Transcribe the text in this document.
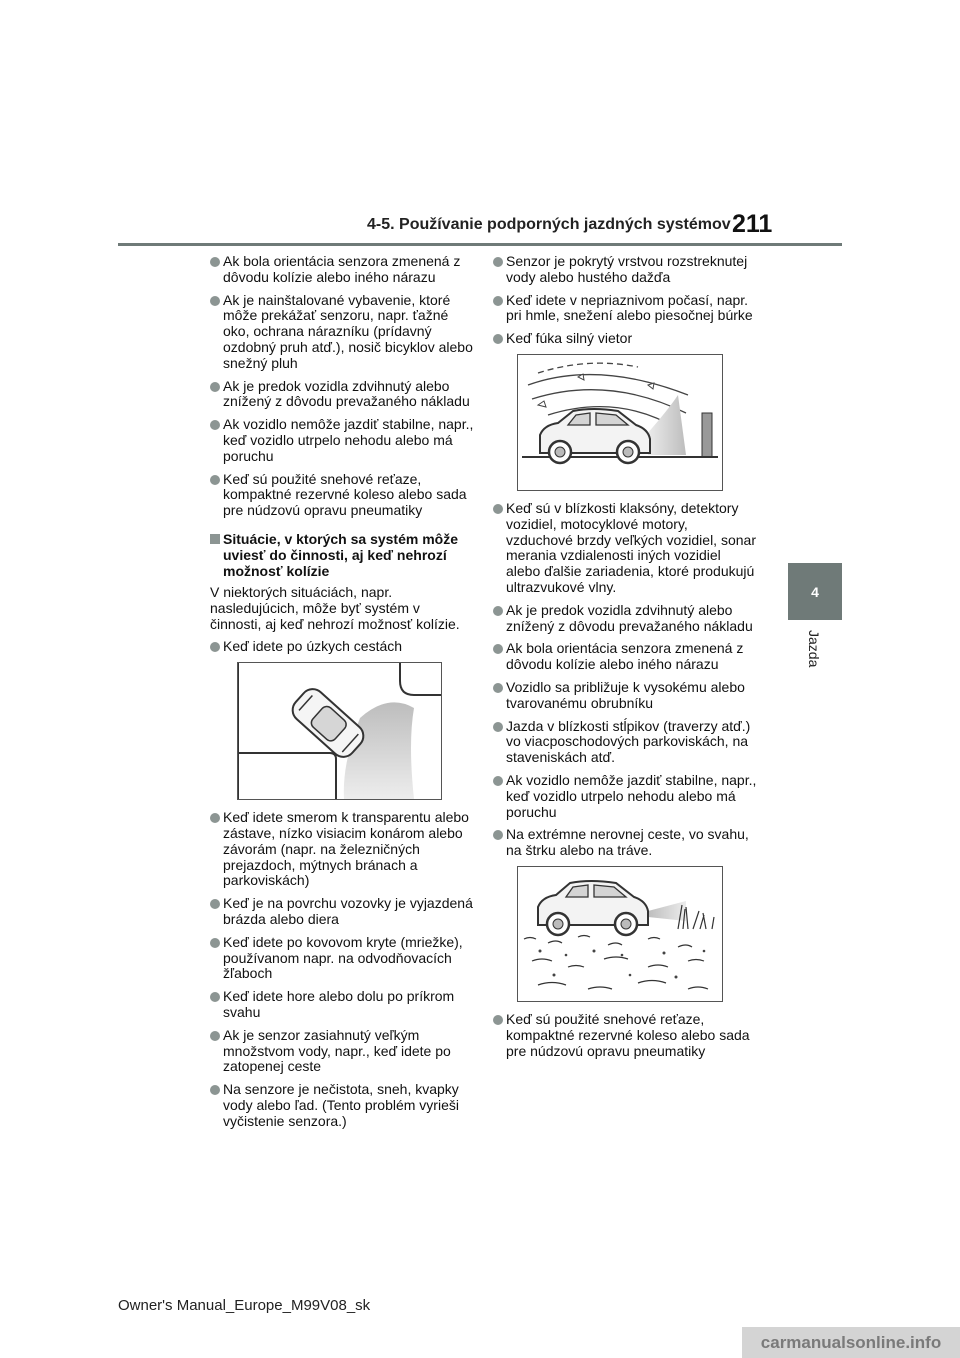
4-5. Používanie podporných jazdných systémov 211
4
Jazda
Ak bola orientácia senzora zmenená z dôvodu kolízie alebo iného nárazu
Ak je nainštalované vybavenie, ktoré môže prekážať senzoru, napr. ťažné oko, ochrana nárazníku (prídavný ozdobný pruh atď.), nosič bicyklov alebo snežný pluh
Ak je predok vozidla zdvihnutý alebo znížený z dôvodu prevažaného nákladu
Ak vozidlo nemôže jazdiť stabilne, napr., keď vozidlo utrpelo nehodu alebo má poruchu
Keď sú použité snehové reťaze, kompaktné rezervné koleso alebo sada pre núdzovú opravu pneumatiky
Situácie, v ktorých sa systém môže uviesť do činnosti, aj keď nehrozí možnosť kolízie
V niektorých situáciách, napr. nasledujúcich, môže byť systém v činnosti, aj keď nehrozí možnosť kolízie.
Keď idete po úzkych cestách
Keď idete smerom k transparentu alebo zástave, nízko visiacim konárom alebo závorám (napr. na železničných prejazdoch, mýtnych bránach a parkoviskách)
Keď je na povrchu vozovky je vyjazdená brázda alebo diera
Keď idete po kovovom kryte (mriežke), používanom napr. na odvodňovacích žľaboch
Keď idete hore alebo dolu po príkrom svahu
Ak je senzor zasiahnutý veľkým množstvom vody, napr., keď idete po zatopenej ceste
Na senzore je nečistota, sneh, kvapky vody alebo ľad. (Tento problém vyrieši vyčistenie senzora.)
Senzor je pokrytý vrstvou rozstreknutej vody alebo hustého dažďa
Keď idete v nepriaznivom počasí, napr. pri hmle, snežení alebo piesočnej búrke
Keď fúka silný vietor
Keď sú v blízkosti klaksóny, detektory vozidiel, motocyklové motory, vzduchové brzdy veľkých vozidiel, sonar merania vzdialenosti iných vozidiel alebo ďalšie zariadenia, ktoré produkujú ultrazvukové vlny.
Ak je predok vozidla zdvihnutý alebo znížený z dôvodu prevažaného nákladu
Ak bola orientácia senzora zmenená z dôvodu kolízie alebo iného nárazu
Vozidlo sa približuje k vysokému alebo tvarovanému obrubníku
Jazda v blízkosti stĺpikov (traverzy atď.) vo viacposchodových parkoviskách, na staveniskách atď.
Ak vozidlo nemôže jazdiť stabilne, napr., keď vozidlo utrpelo nehodu alebo má poruchu
Na extrémne nerovnej ceste, vo svahu, na štrku alebo na tráve.
Keď sú použité snehové reťaze, kompaktné rezervné koleso alebo sada pre núdzovú opravu pneumatiky
Owner's Manual_Europe_M99V08_sk
carmanualsonline.info
